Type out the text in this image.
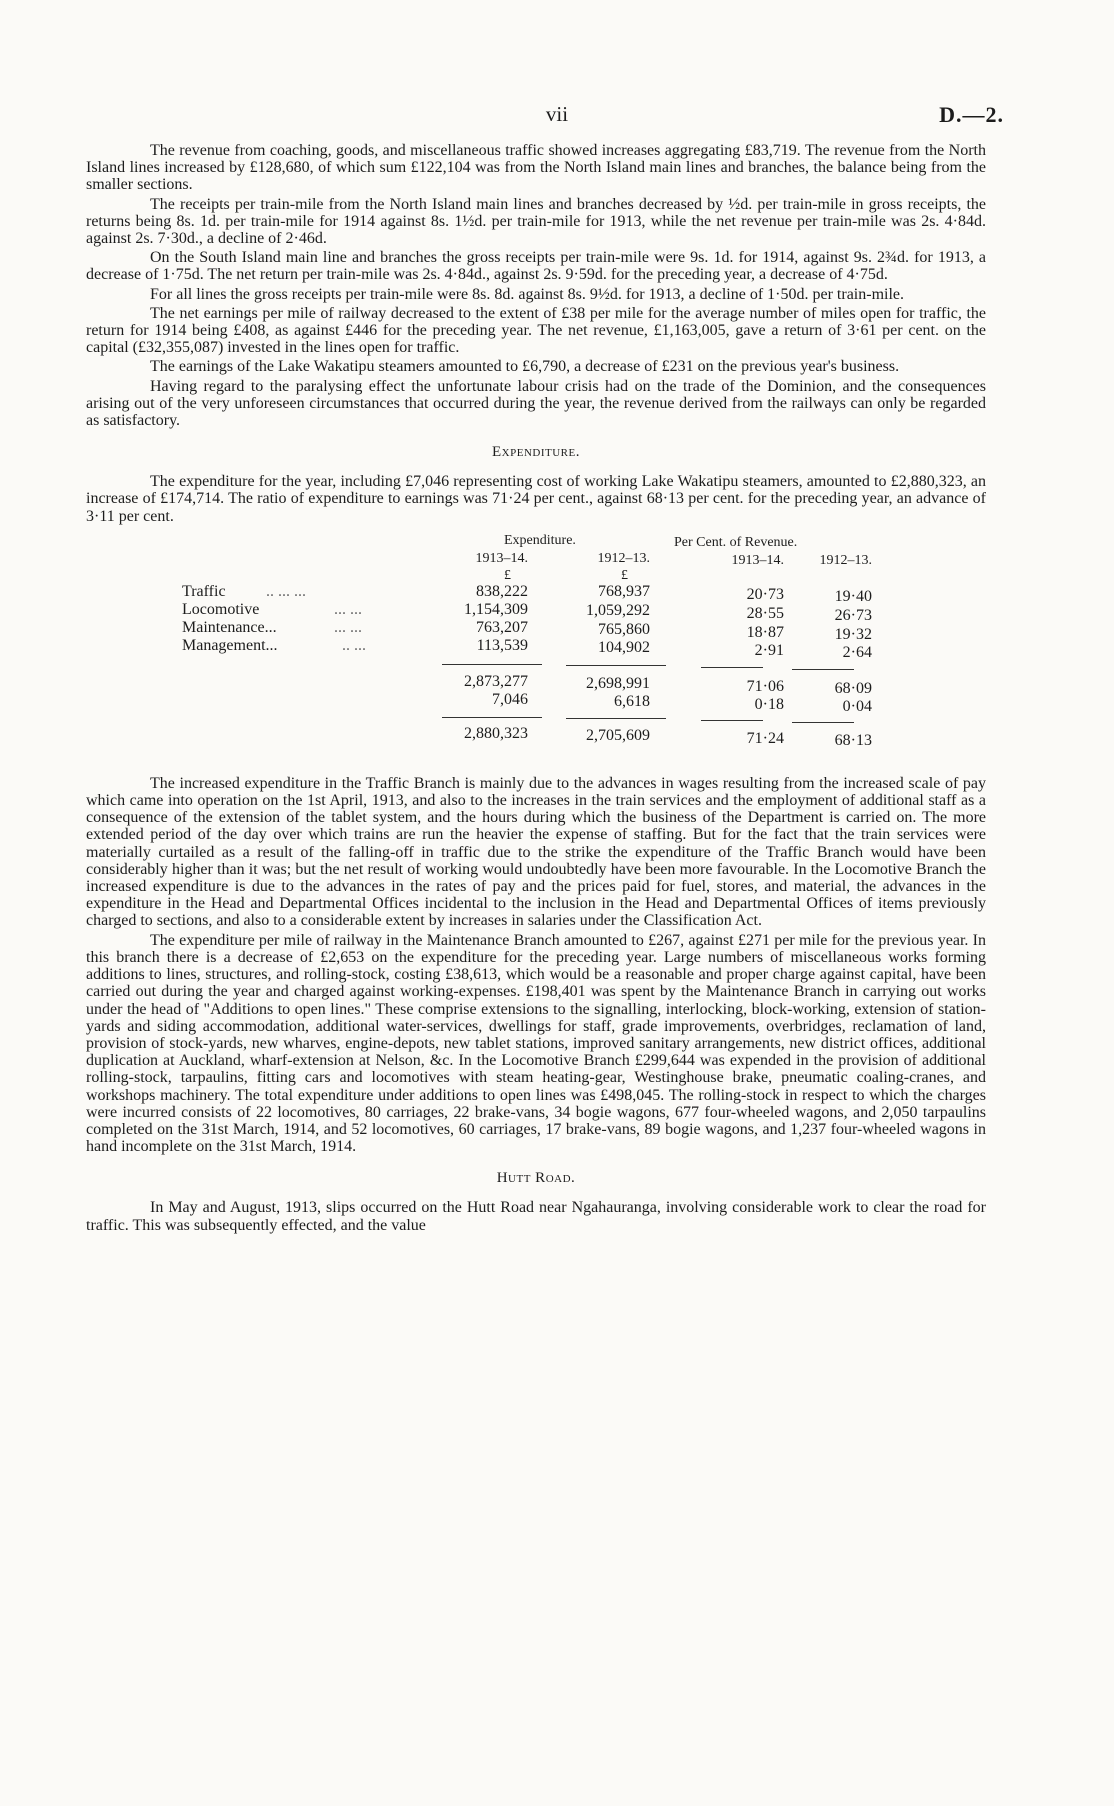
vii	D.—2.

The revenue from coaching, goods, and miscellaneous traffic showed increases aggregating £83,719. The revenue from the North Island lines increased by £128,680, of which sum £122,104 was from the North Island main lines and branches, the balance being from the smaller sections.

The receipts per train-mile from the North Island main lines and branches decreased by ½d. per train-mile in gross receipts, the returns being 8s. 1d. per train-mile for 1914 against 8s. 1½d. per train-mile for 1913, while the net revenue per train-mile was 2s. 4·84d. against 2s. 7·30d., a decline of 2·46d.

On the South Island main line and branches the gross receipts per train-mile were 9s. 1d. for 1914, against 9s. 2¾d. for 1913, a decrease of 1·75d. The net return per train-mile was 2s. 4·84d., against 2s. 9·59d. for the preceding year, a decrease of 4·75d.

For all lines the gross receipts per train-mile were 8s. 8d. against 8s. 9½d. for 1913, a decline of 1·50d. per train-mile.

The net earnings per mile of railway decreased to the extent of £38 per mile for the average number of miles open for traffic, the return for 1914 being £408, as against £446 for the preceding year. The net revenue, £1,163,005, gave a return of 3·61 per cent. on the capital (£32,355,087) invested in the lines open for traffic.

The earnings of the Lake Wakatipu steamers amounted to £6,790, a decrease of £231 on the previous year's business.

Having regard to the paralysing effect the unfortunate labour crisis had on the trade of the Dominion, and the consequences arising out of the very unforeseen circumstances that occurred during the year, the revenue derived from the railways can only be regarded as satisfactory.

Expenditure.

The expenditure for the year, including £7,046 representing cost of working Lake Wakatipu steamers, amounted to £2,880,323, an increase of £174,714. The ratio of expenditure to earnings was 71·24 per cent., against 68·13 per cent. for the preceding year, an advance of 3·11 per cent.

Expenditure.	Per Cent. of Revenue.
1913–14.	1912–13.	1913–14.	1912–13.
£	£
Traffic	.. ... ...	838,222	768,937	20·73	19·40
Locomotive	... ...	1,154,309	1,059,292	28·55	26·73
Maintenance...	... ...	763,207	765,860	18·87	19·32
Management...	.. ...	113,539	104,902	2·91	2·64
2,873,277	2,698,991	71·06	68·09
7,046	6,618	0·18	0·04
2,880,323	2,705,609	71·24	68·13

The increased expenditure in the Traffic Branch is mainly due to the advances in wages resulting from the increased scale of pay which came into operation on the 1st April, 1913, and also to the increases in the train services and the employment of additional staff as a consequence of the extension of the tablet system, and the hours during which the business of the Department is carried on. The more extended period of the day over which trains are run the heavier the expense of staffing. But for the fact that the train services were materially curtailed as a result of the falling-off in traffic due to the strike the expenditure of the Traffic Branch would have been considerably higher than it was; but the net result of working would undoubtedly have been more favourable. In the Locomotive Branch the increased expenditure is due to the advances in the rates of pay and the prices paid for fuel, stores, and material, the advances in the expenditure in the Head and Departmental Offices incidental to the inclusion in the Head and Departmental Offices of items previously charged to sections, and also to a considerable extent by increases in salaries under the Classification Act.

The expenditure per mile of railway in the Maintenance Branch amounted to £267, against £271 per mile for the previous year. In this branch there is a decrease of £2,653 on the expenditure for the preceding year. Large numbers of miscellaneous works forming additions to lines, structures, and rolling-stock, costing £38,613, which would be a reasonable and proper charge against capital, have been carried out during the year and charged against working-expenses. £198,401 was spent by the Maintenance Branch in carrying out works under the head of "Additions to open lines." These comprise extensions to the signalling, interlocking, block-working, extension of station-yards and siding accommodation, additional water-services, dwellings for staff, grade improvements, overbridges, reclamation of land, provision of stock-yards, new wharves, engine-depots, new tablet stations, improved sanitary arrangements, new district offices, additional duplication at Auckland, wharf-extension at Nelson, &c. In the Locomotive Branch £299,644 was expended in the provision of additional rolling-stock, tarpaulins, fitting cars and locomotives with steam heating-gear, Westinghouse brake, pneumatic coaling-cranes, and workshops machinery. The total expenditure under additions to open lines was £498,045. The rolling-stock in respect to which the charges were incurred consists of 22 locomotives, 80 carriages, 22 brake-vans, 34 bogie wagons, 677 four-wheeled wagons, and 2,050 tarpaulins completed on the 31st March, 1914, and 52 locomotives, 60 carriages, 17 brake-vans, 89 bogie wagons, and 1,237 four-wheeled wagons in hand incomplete on the 31st March, 1914.

Hutt Road.

In May and August, 1913, slips occurred on the Hutt Road near Ngahauranga, involving considerable work to clear the road for traffic. This was subsequently effected, and the value
